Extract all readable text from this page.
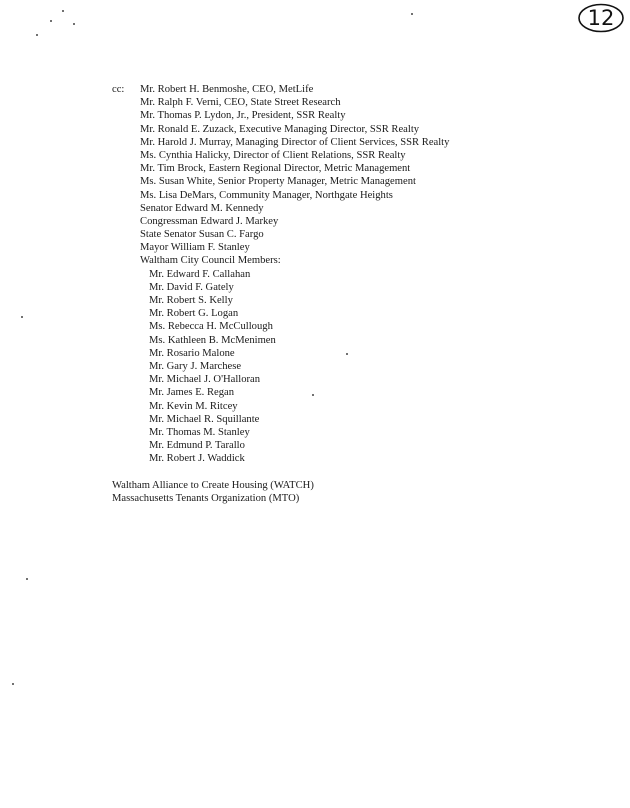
12
cc: Mr. Robert H. Benmoshe, CEO, MetLife
Mr. Ralph F. Verni, CEO, State Street Research
Mr. Thomas P. Lydon, Jr., President, SSR Realty
Mr. Ronald E. Zuzack, Executive Managing Director, SSR Realty
Mr. Harold J. Murray, Managing Director of Client Services, SSR Realty
Ms. Cynthia Halicky, Director of Client Relations, SSR Realty
Mr. Tim Brock, Eastern Regional Director, Metric Management
Ms. Susan White, Senior Property Manager, Metric Management
Ms. Lisa DeMars, Community Manager, Northgate Heights
Senator Edward M. Kennedy
Congressman Edward J. Markey
State Senator Susan C. Fargo
Mayor William F. Stanley
Waltham City Council Members:
Mr. Edward F. Callahan
Mr. David F. Gately
Mr. Robert S. Kelly
Mr. Robert G. Logan
Ms. Rebecca H. McCullough
Ms. Kathleen B. McMenimen
Mr. Rosario Malone
Mr. Gary J. Marchese
Mr. Michael J. O'Halloran
Mr. James E. Regan
Mr. Kevin M. Ritcey
Mr. Michael R. Squillante
Mr. Thomas M. Stanley
Mr. Edmund P. Tarallo
Mr. Robert J. Waddick
Waltham Alliance to Create Housing (WATCH)
Massachusetts Tenants Organization (MTO)
